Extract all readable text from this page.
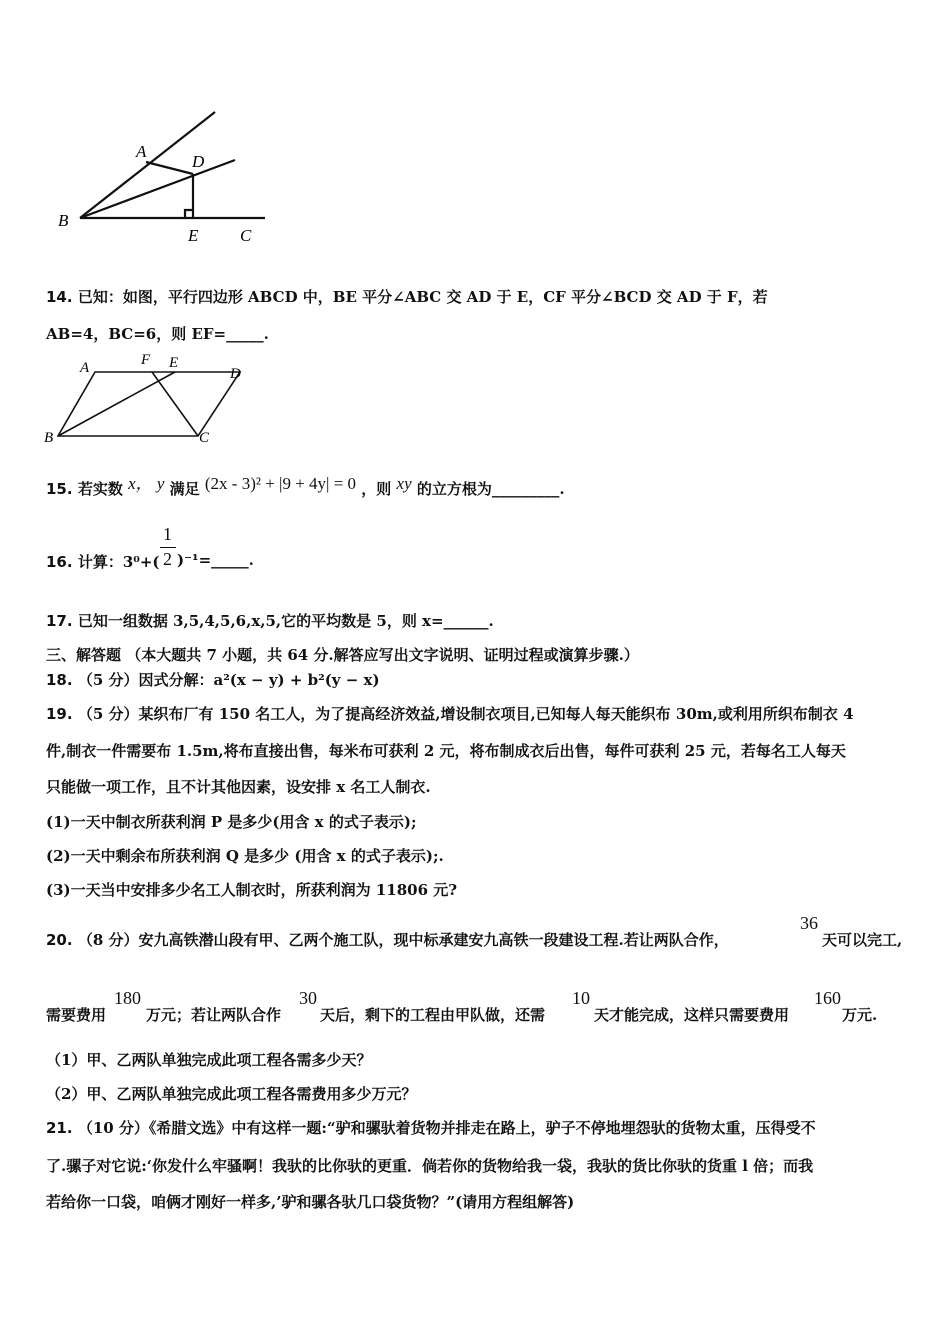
A
D
B
E C
14. 已知：如图，平行四边形 ABCD 中，BE 平分∠ABC 交 AD 于 E，CF 平分∠BCD 交 AD 于 F，若
AB=4，BC=6，则 EF=_____.
A	F E
D
B	C
15. 若实数 x， y 满足 (2x - 3)² + |9 + 4y| = 0 ，则 xy 的立方根为_________.
16. 计算：3⁰+(
1
2 )⁻¹=_____.
17. 已知一组数据 3,5,4,5,6,x,5,它的平均数是 5，则 x=______.
三、解答题 （本大题共 7 小题，共 64 分.解答应写出文字说明、证明过程或演算步骤.）
18. （5 分）因式分解：a²(x − y) + b²(y − x)
19. （5 分）某织布厂有 150 名工人，为了提高经济效益,增设制衣项目,已知每人每天能织布 30m,或利用所织布制衣 4
件,制衣一件需要布 1.5m,将布直接出售，每米布可获利 2 元，将布制成衣后出售，每件可获利 25 元，若每名工人每天
只能做一项工作，且不计其他因素，设安排 x 名工人制衣.
(1)一天中制衣所获利润 P 是多少(用含 x 的式子表示);
(2)一天中剩余布所获利润 Q 是多少 (用含 x 的式子表示);.
(3)一天当中安排多少名工人制衣时，所获利润为 11806 元?
20. （8 分）安九高铁潜山段有甲、乙两个施工队，现中标承建安九高铁一段建设工程.若让两队合作，
36
天可以完工,
需要费用
180
万元；若让两队合作
30
天后，剩下的工程由甲队做，还需
10
天才能完成，这样只需要费用
160
万元.
（1）甲、乙两队单独完成此项工程各需多少天？
（2）甲、乙两队单独完成此项工程各需费用多少万元？
21. （10 分）《希腊文选》中有这样一题:“驴和骡驮着货物并排走在路上，驴子不停地埋怨驮的货物太重，压得受不
了.骡子对它说:‘你发什么牢骚啊！我驮的比你驮的更重．倘若你的货物给我一袋，我驮的货比你驮的货重 l 倍；而我
若给你一口袋，咱俩才刚好一样多,’驴和骡各驮几口袋货物？”(请用方程组解答)
